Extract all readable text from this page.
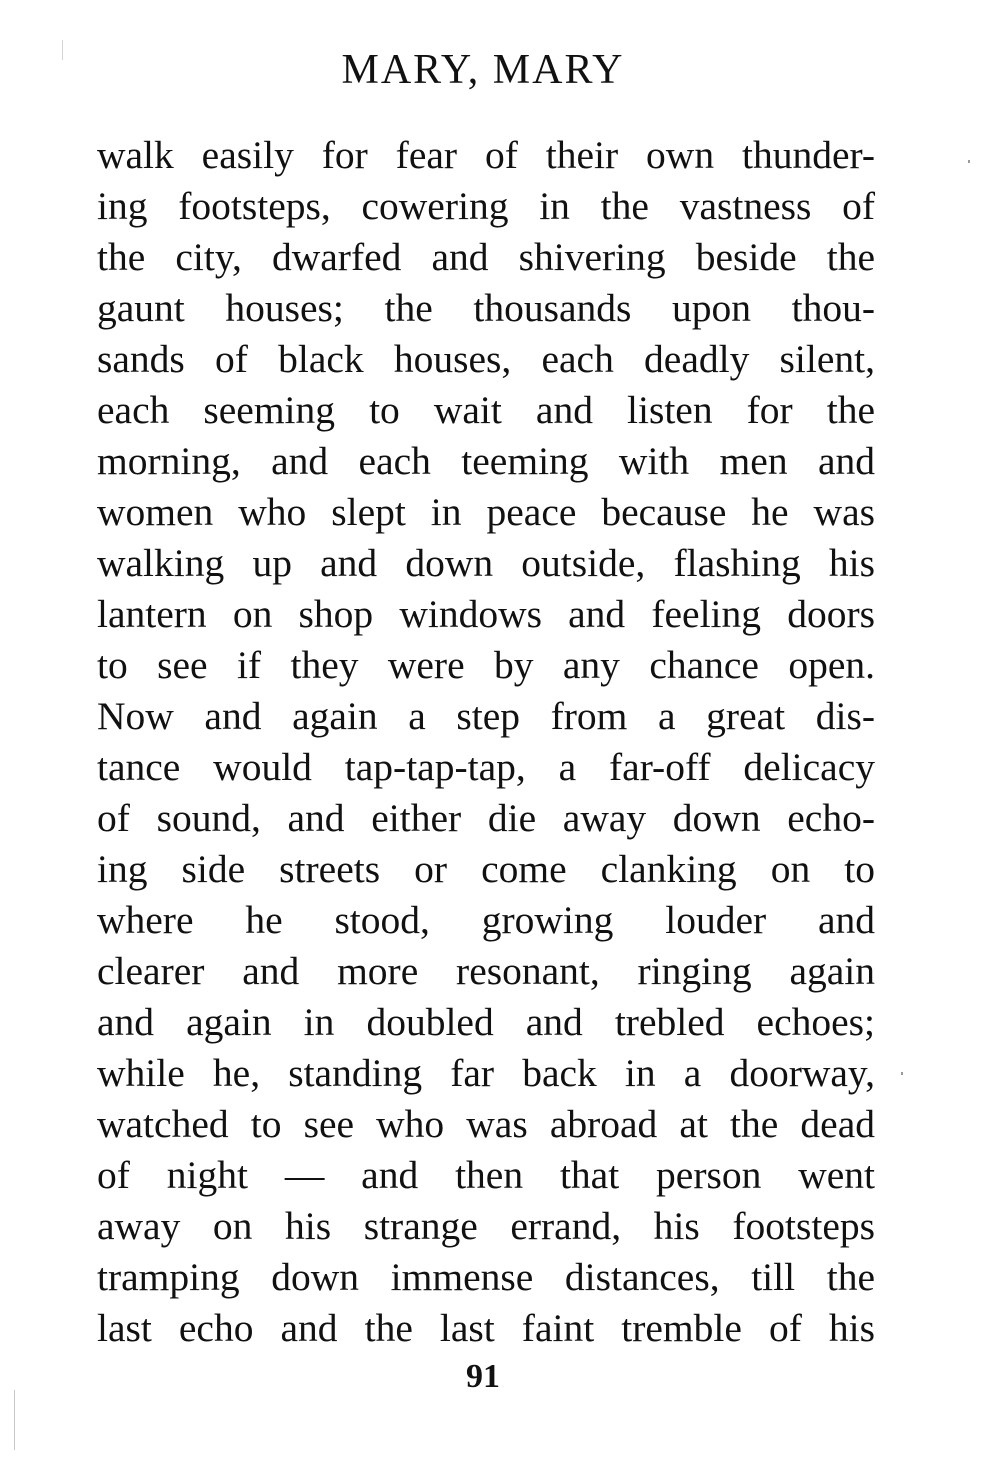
MARY, MARY
walk easily for fear of their own thunder-
ing footsteps, cowering in the vastness of
the city, dwarfed and shivering beside the
gaunt houses; the thousands upon thou-
sands of black houses, each deadly silent,
each seeming to wait and listen for the
morning, and each teeming with men and
women who slept in peace because he was
walking up and down outside, flashing his
lantern on shop windows and feeling doors
to see if they were by any chance open.
Now and again a step from a great dis-
tance would tap-tap-tap, a far-off delicacy
of sound, and either die away down echo-
ing side streets or come clanking on to
where he stood, growing louder and
clearer and more resonant, ringing again
and again in doubled and trebled echoes;
while he, standing far back in a doorway,
watched to see who was abroad at the dead
of night — and then that person went
away on his strange errand, his footsteps
tramping down immense distances, till the
last echo and the last faint tremble of his
91
